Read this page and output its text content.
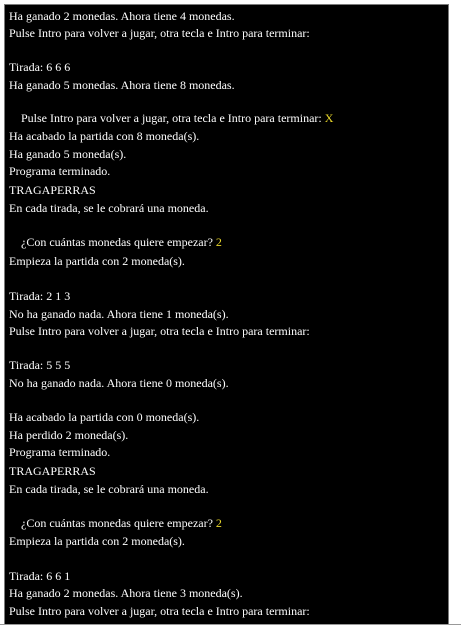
Ha ganado 2 monedas. Ahora tiene 4 monedas.
Pulse Intro para volver a jugar, otra tecla e Intro para terminar:
Tirada: 6 6 6
Ha ganado 5 monedas. Ahora tiene 8 monedas.

Pulse Intro para volver a jugar, otra tecla e Intro para terminar: X

Ha acabado la partida con 8 moneda(s).
Ha ganado 5 moneda(s).
Programa terminado.
TRAGAPERRAS
En cada tirada, se le cobrará una moneda.

¿Con cuántas monedas quiere empezar? 2

Empieza la partida con 2 moneda(s).
Tirada: 2 1 3
No ha ganado nada. Ahora tiene 1 moneda(s).
Pulse Intro para volver a jugar, otra tecla e Intro para terminar:
Tirada: 5 5 5
No ha ganado nada. Ahora tiene 0 moneda(s).
Ha acabado la partida con 0 moneda(s).
Ha perdido 2 moneda(s).
Programa terminado.
TRAGAPERRAS
En cada tirada, se le cobrará una moneda.

¿Con cuántas monedas quiere empezar? 2

Empieza la partida con 2 moneda(s).
Tirada: 6 6 1
Ha ganado 2 monedas. Ahora tiene 3 moneda(s).
Pulse Intro para volver a jugar, otra tecla e Intro para terminar:
